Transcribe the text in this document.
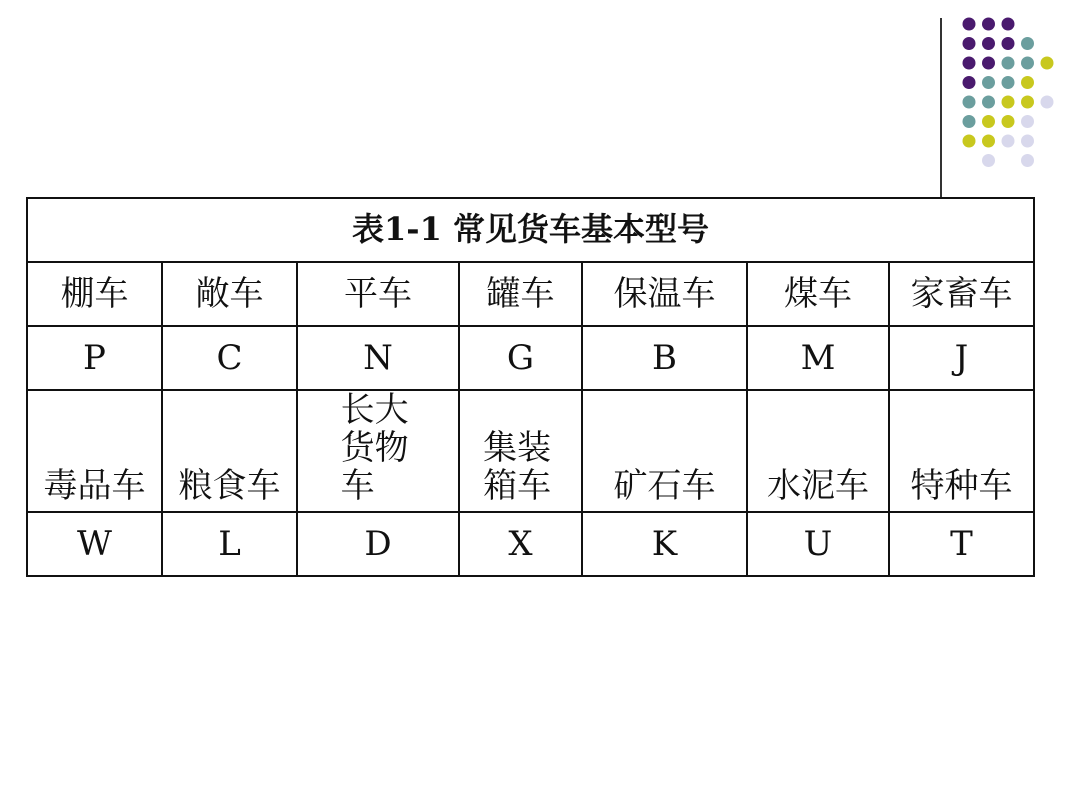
表1-1 常见货车基本型号						
棚车	敞车	平车	罐车	保温车	煤车	家畜车
P	C	N	G	B	M	J
毒品车	粮食车	长大货物车	集装箱车	矿石车	水泥车	特种车
W	L	D	X	K	U	T
